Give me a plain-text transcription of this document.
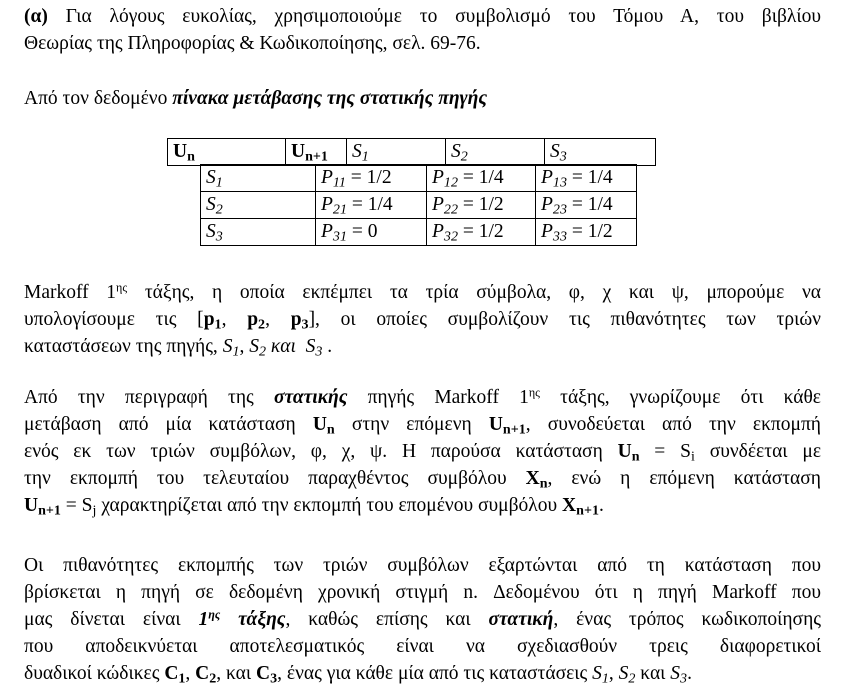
(α) Για λόγους ευκολίας, χρησιμοποιούμε το συμβολισμό του Τόμου Α, του βιβλίου
Θεωρίας της Πληροφορίας & Κωδικοποίησης, σελ. 69-76.
Από τον δεδομένο πίνακα μετάβασης της στατικής πηγής
$U_n$	$U_{n+1}$	$S_1$	$S_2$	$S_3$
$S_1$	$P_{11} = 1/2$	$P_{12} = 1/4$	$P_{13} = 1/4$
$S_2$	$P_{21} = 1/4$	$P_{22} = 1/2$	$P_{23} = 1/4$
$S_3$	$P_{31} = 0$	$P_{32} = 1/2$	$P_{33} = 1/2$
Markoff $1^{\eta\varsigma}$ τάξης, η οποία εκπέμπει τα τρία σύμβολα, φ, χ και ψ, μπορούμε να
υπολογίσουμε τις [$p_1$, $p_2$, $p_3$], οι οποίες συμβολίζουν τις πιθανότητες των τριών
καταστάσεων της πηγής, $S_1$, $S_2$ και $S_3$ .
Από την περιγραφή της στατικής πηγής Markoff $1^{\eta\varsigma}$ τάξης, γνωρίζουμε ότι κάθε
μετάβαση από μία κατάσταση $U_n$ στην επόμενη $U_{n+1}$, συνοδεύεται από την εκπομπή
ενός εκ των τριών συμβόλων, φ, χ, ψ. Η παρούσα κατάσταση $U_n = S_i$ συνδέεται με
την εκπομπή του τελευταίου παραχθέντος συμβόλου $X_n$, ενώ η επόμενη κατάσταση
$U_{n+1} = S_j$ χαρακτηρίζεται από την εκπομπή του επομένου συμβόλου $X_{n+1}$.
Οι πιθανότητες εκπομπής των τριών συμβόλων εξαρτώνται από τη κατάσταση που
βρίσκεται η πηγή σε δεδομένη χρονική στιγμή n. Δεδομένου ότι η πηγή Markoff που
μας δίνεται είναι $1^{\eta\varsigma}$ τάξης, καθώς επίσης και στατική, ένας τρόπος κωδικοποίησης
που αποδεικνύεται αποτελεσματικός είναι να σχεδιασθούν τρεις διαφορετικοί
δυαδικοί κώδικες $C_1$, $C_2$, και $C_3$, ένας για κάθε μία από τις καταστάσεις $S_1$, $S_2$ και $S_3$.
